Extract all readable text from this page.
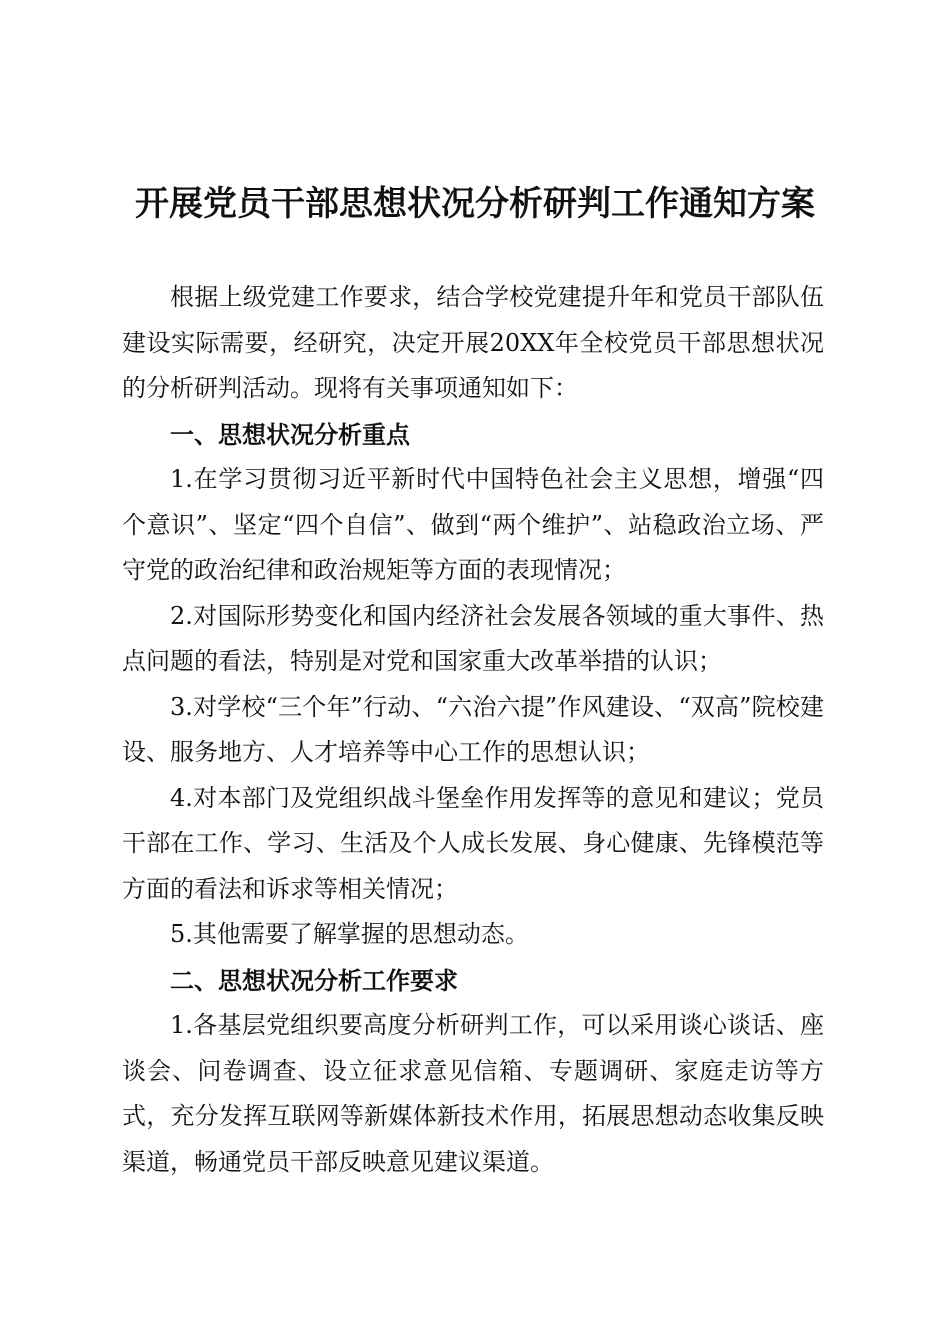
开展党员干部思想状况分析研判工作通知方案

根据上级党建工作要求，结合学校党建提升年和党员干部队伍建设实际需要，经研究，决定开展20XX年全校党员干部思想状况的分析研判活动。现将有关事项通知如下：

一、思想状况分析重点

1.在学习贯彻习近平新时代中国特色社会主义思想，增强“四个意识”、坚定“四个自信”、做到“两个维护”、站稳政治立场、严守党的政治纪律和政治规矩等方面的表现情况；

2.对国际形势变化和国内经济社会发展各领域的重大事件、热点问题的看法，特别是对党和国家重大改革举措的认识；

3.对学校“三个年”行动、“六治六提”作风建设、“双高”院校建设、服务地方、人才培养等中心工作的思想认识；

4.对本部门及党组织战斗堡垒作用发挥等的意见和建议；党员干部在工作、学习、生活及个人成长发展、身心健康、先锋模范等方面的看法和诉求等相关情况；

5.其他需要了解掌握的思想动态。

二、思想状况分析工作要求

1.各基层党组织要高度分析研判工作，可以采用谈心谈话、座谈会、问卷调查、设立征求意见信箱、专题调研、家庭走访等方式，充分发挥互联网等新媒体新技术作用，拓展思想动态收集反映渠道，畅通党员干部反映意见建议渠道。
